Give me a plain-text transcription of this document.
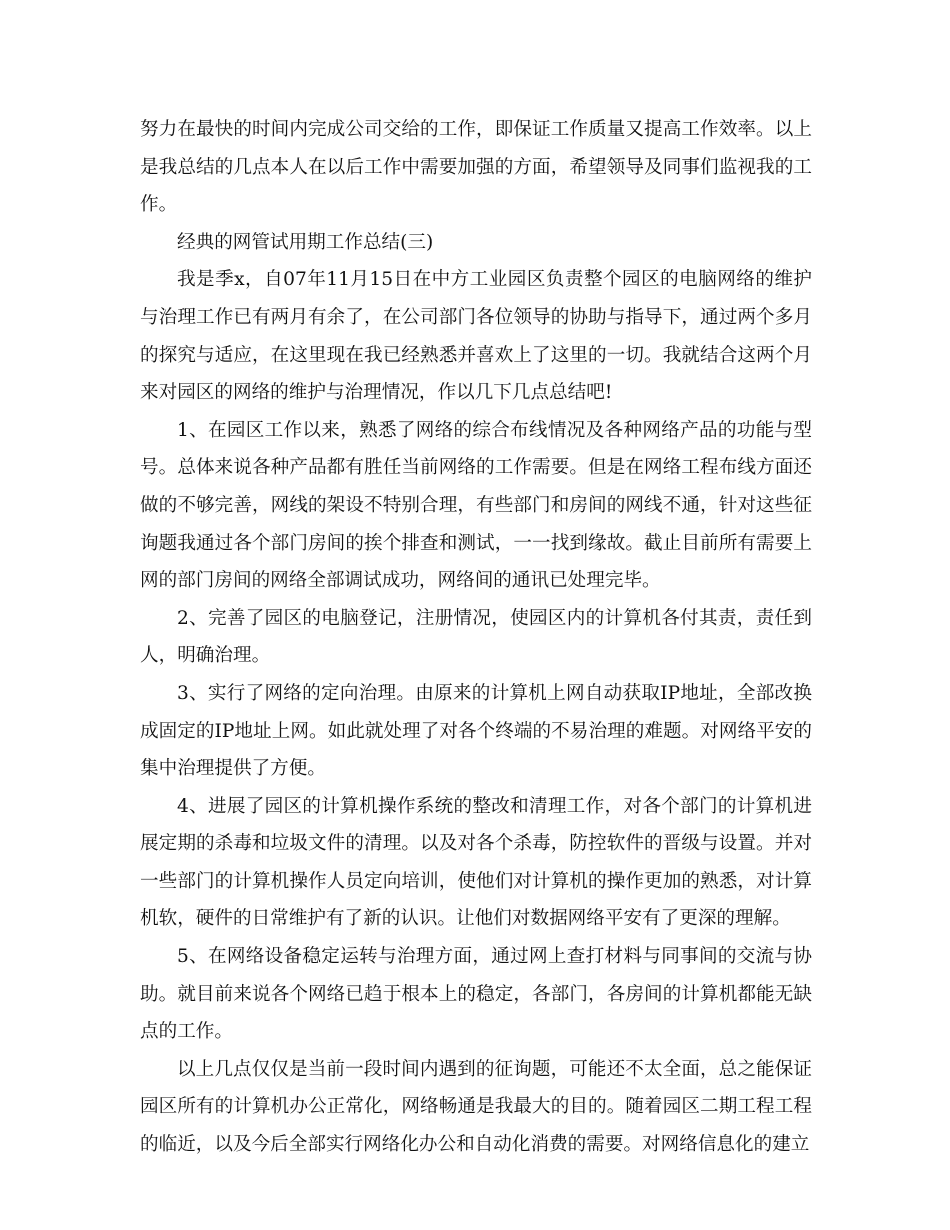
努力在最快的时间内完成公司交给的工作，即保证工作质量又提高工作效率。以上是我总结的几点本人在以后工作中需要加强的方面，希望领导及同事们监视我的工作。

经典的网管试用期工作总结(三)

我是季x，自07年11月15日在中方工业园区负责整个园区的电脑网络的维护与治理工作已有两月有余了，在公司部门各位领导的协助与指导下，通过两个多月的探究与适应，在这里现在我已经熟悉并喜欢上了这里的一切。我就结合这两个月来对园区的网络的维护与治理情况，作以几下几点总结吧!

1、在园区工作以来，熟悉了网络的综合布线情况及各种网络产品的功能与型号。总体来说各种产品都有胜任当前网络的工作需要。但是在网络工程布线方面还做的不够完善，网线的架设不特别合理，有些部门和房间的网线不通，针对这些征询题我通过各个部门房间的挨个排查和测试，一一找到缘故。截止目前所有需要上网的部门房间的网络全部调试成功，网络间的通讯已处理完毕。

2、完善了园区的电脑登记，注册情况，使园区内的计算机各付其责，责任到人，明确治理。

3、实行了网络的定向治理。由原来的计算机上网自动获取IP地址，全部改换成固定的IP地址上网。如此就处理了对各个终端的不易治理的难题。对网络平安的集中治理提供了方便。

4、进展了园区的计算机操作系统的整改和清理工作，对各个部门的计算机进展定期的杀毒和垃圾文件的清理。以及对各个杀毒，防控软件的晋级与设置。并对一些部门的计算机操作人员定向培训，使他们对计算机的操作更加的熟悉，对计算机软，硬件的日常维护有了新的认识。让他们对数据网络平安有了更深的理解。

5、在网络设备稳定运转与治理方面，通过网上查打材料与同事间的交流与协助。就目前来说各个网络已趋于根本上的稳定，各部门，各房间的计算机都能无缺点的工作。

以上几点仅仅是当前一段时间内遇到的征询题，可能还不太全面，总之能保证园区所有的计算机办公正常化，网络畅通是我最大的目的。随着园区二期工程工程的临近，以及今后全部实行网络化办公和自动化消费的需要。对网络信息化的建立
